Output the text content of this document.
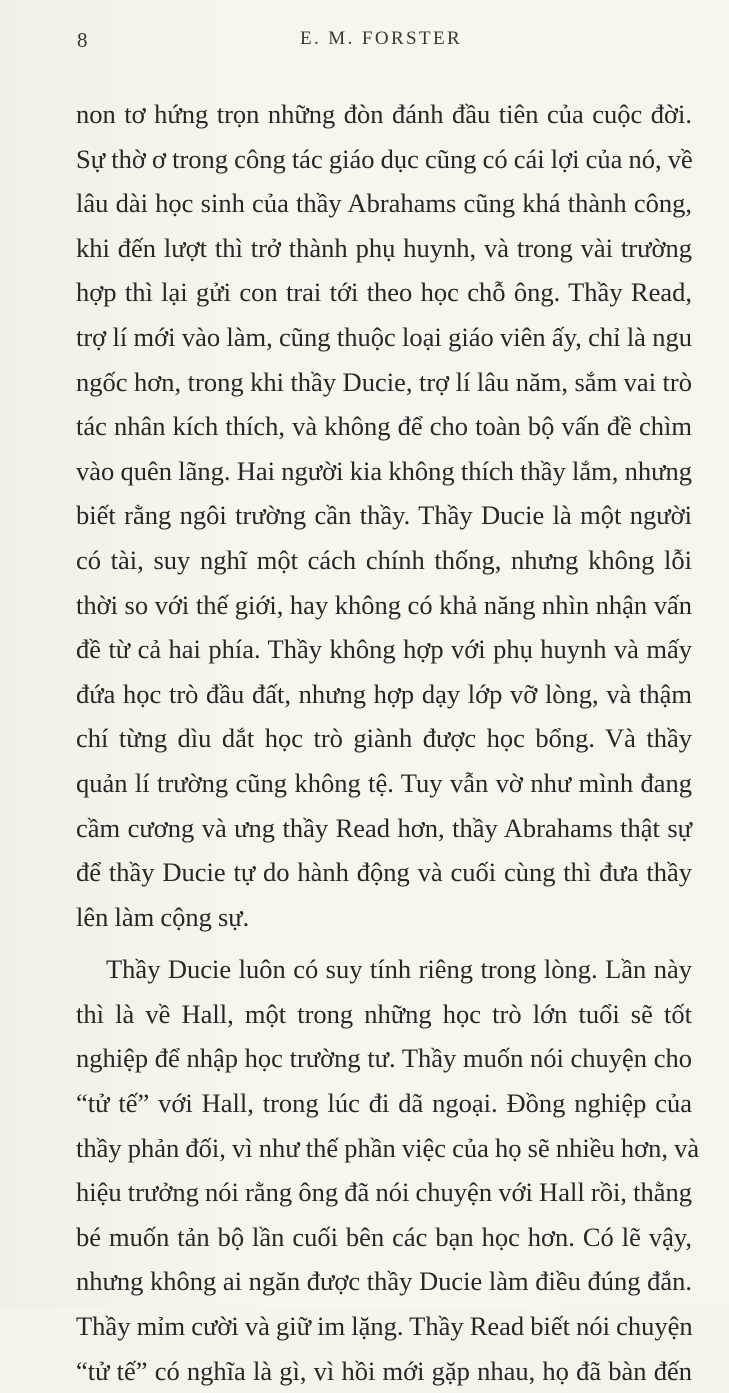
8	E. M. FORSTER
non tơ hứng trọn những đòn đánh đầu tiên của cuộc đời.
Sự thờ ơ trong công tác giáo dục cũng có cái lợi của nó, về
lâu dài học sinh của thầy Abrahams cũng khá thành công,
khi đến lượt thì trở thành phụ huynh, và trong vài trường
hợp thì lại gửi con trai tới theo học chỗ ông. Thầy Read,
trợ lí mới vào làm, cũng thuộc loại giáo viên ấy, chỉ là ngu
ngốc hơn, trong khi thầy Ducie, trợ lí lâu năm, sắm vai trò
tác nhân kích thích, và không để cho toàn bộ vấn đề chìm
vào quên lãng. Hai người kia không thích thầy lắm, nhưng
biết rằng ngôi trường cần thầy. Thầy Ducie là một người
có tài, suy nghĩ một cách chính thống, nhưng không lỗi
thời so với thế giới, hay không có khả năng nhìn nhận vấn
đề từ cả hai phía. Thầy không hợp với phụ huynh và mấy
đứa học trò đầu đất, nhưng hợp dạy lớp vỡ lòng, và thậm
chí từng dìu dắt học trò giành được học bổng. Và thầy
quản lí trường cũng không tệ. Tuy vẫn vờ như mình đang
cầm cương và ưng thầy Read hơn, thầy Abrahams thật sự
để thầy Ducie tự do hành động và cuối cùng thì đưa thầy
lên làm cộng sự.
Thầy Ducie luôn có suy tính riêng trong lòng. Lần này
thì là về Hall, một trong những học trò lớn tuổi sẽ tốt
nghiệp để nhập học trường tư. Thầy muốn nói chuyện cho
“tử tế” với Hall, trong lúc đi dã ngoại. Đồng nghiệp của
thầy phản đối, vì như thế phần việc của họ sẽ nhiều hơn, và
hiệu trưởng nói rằng ông đã nói chuyện với Hall rồi, thằng
bé muốn tản bộ lần cuối bên các bạn học hơn. Có lẽ vậy,
nhưng không ai ngăn được thầy Ducie làm điều đúng đắn.
Thầy mỉm cười và giữ im lặng. Thầy Read biết nói chuyện
“tử tế” có nghĩa là gì, vì hồi mới gặp nhau, họ đã bàn đến
